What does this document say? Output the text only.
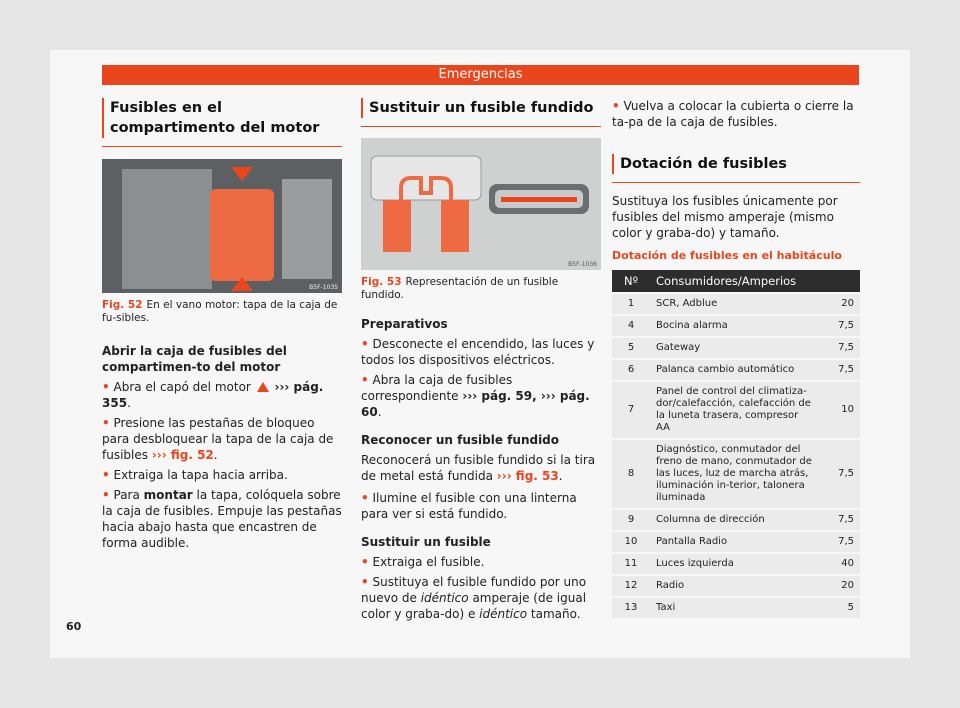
Emergencias
Fusibles en el compartimento del motor
B5F-1035
Fig. 52 En el vano motor: tapa de la caja de fu-sibles.
Abrir la caja de fusibles del compartimen-to del motor

• Abra el capó del motor ››› pág. 355.

• Presione las pestañas de bloqueo para desbloquear la tapa de la caja de fusibles ››› fig. 52.

• Extraiga la tapa hacia arriba.

• Para montar la tapa, colóquela sobre la caja de fusibles. Empuje las pestañas hacia abajo hasta que encastren de forma audible.

Sustituir un fusible fundido
B5F-1036
Fig. 53 Representación de un fusible fundido.
Preparativos

• Desconecte el encendido, las luces y todos los dispositivos eléctricos.

• Abra la caja de fusibles correspondiente ››› pág. 59, ››› pág. 60.

Reconocer un fusible fundido

Reconocerá un fusible fundido si la tira de metal está fundida ››› fig. 53.

• Ilumine el fusible con una linterna para ver si está fundido.

Sustituir un fusible

• Extraiga el fusible.

• Sustituya el fusible fundido por uno nuevo de idéntico amperaje (de igual color y graba-do) e idéntico tamaño.

• Vuelva a colocar la cubierta o cierre la ta-pa de la caja de fusibles.

Dotación de fusibles

Sustituya los fusibles únicamente por fusibles del mismo amperaje (mismo color y graba-do) y tamaño.

Dotación de fusibles en el habitáculo
Nº	Consumidores/Amperios	
1	SCR, Adblue	20
4	Bocina alarma	7,5
5	Gateway	7,5
6	Palanca cambio automático	7,5
7	Panel de control del climatiza-dor/calefacción, calefacción de la luneta trasera, compresor AA	10
8	Diagnóstico, conmutador del freno de mano, conmutador de las luces, luz de marcha atrás, iluminación in-terior, talonera iluminada	7,5
9	Columna de dirección	7,5
10	Pantalla Radio	7,5
11	Luces izquierda	40
12	Radio	20
13	Taxi	5
60
